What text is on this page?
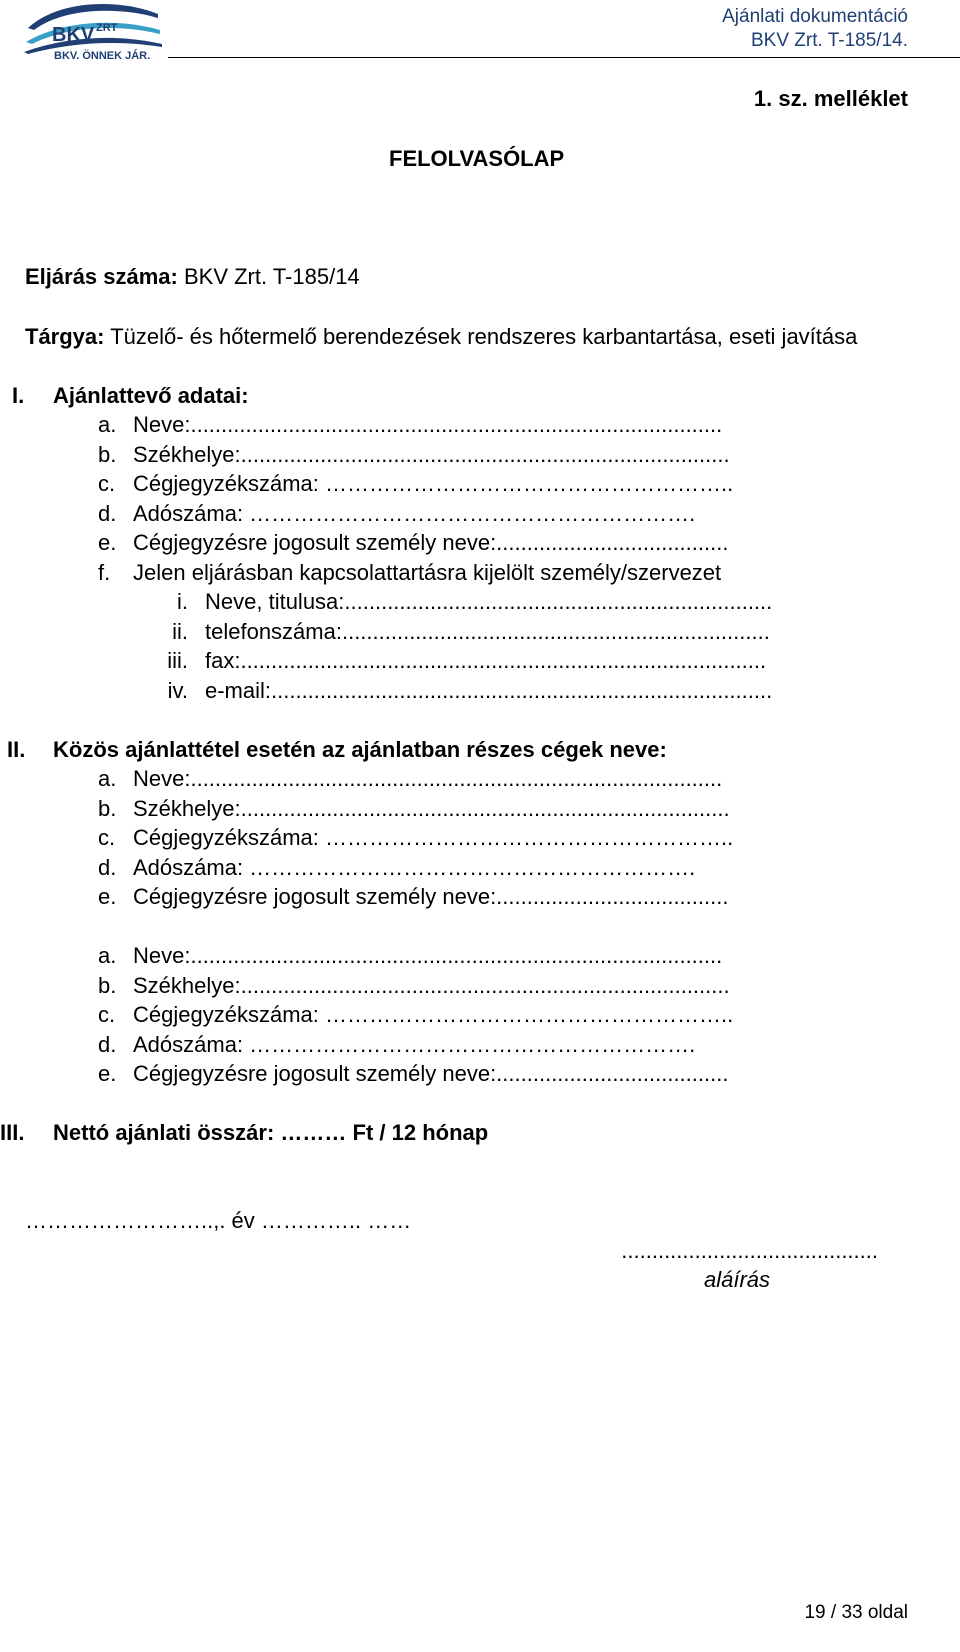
BKV ZRT
BKV. ÖNNEK JÁR.
Ajánlati dokumentáció
BKV Zrt. T-185/14.
1. sz. melléklet
FELOLVASÓLAP
Eljárás száma: BKV Zrt. T-185/14
Tárgya: Tüzelő- és hőtermelő berendezések rendszeres karbantartása, eseti javítása
I. Ajánlattevő adatai:
a. Neve:.......................................................................................
b. Székhelye:................................................................................
c. Cégjegyzékszáma: ………………………………………………..
d. Adószáma: …………………………………………………….
e. Cégjegyzésre jogosult személy neve:......................................
f. Jelen eljárásban kapcsolattartásra kijelölt személy/szervezet
i. Neve, titulusa:......................................................................
ii. telefonszáma:......................................................................
iii. fax:......................................................................................
iv. e-mail:..................................................................................
II. Közös ajánlattétel esetén az ajánlatban részes cégek neve:
a. Neve:.......................................................................................
b. Székhelye:................................................................................
c. Cégjegyzékszáma: ………………………………………………..
d. Adószáma: …………………………………………………….
e. Cégjegyzésre jogosult személy neve:......................................
a. Neve:.......................................................................................
b. Székhelye:................................................................................
c. Cégjegyzékszáma: ………………………………………………..
d. Adószáma: …………………………………………………….
e. Cégjegyzésre jogosult személy neve:......................................
III. Nettó ajánlati összár: ……… Ft / 12 hónap
……………………..,. év ………….. ……
..........................................
aláírás
19 / 33 oldal
